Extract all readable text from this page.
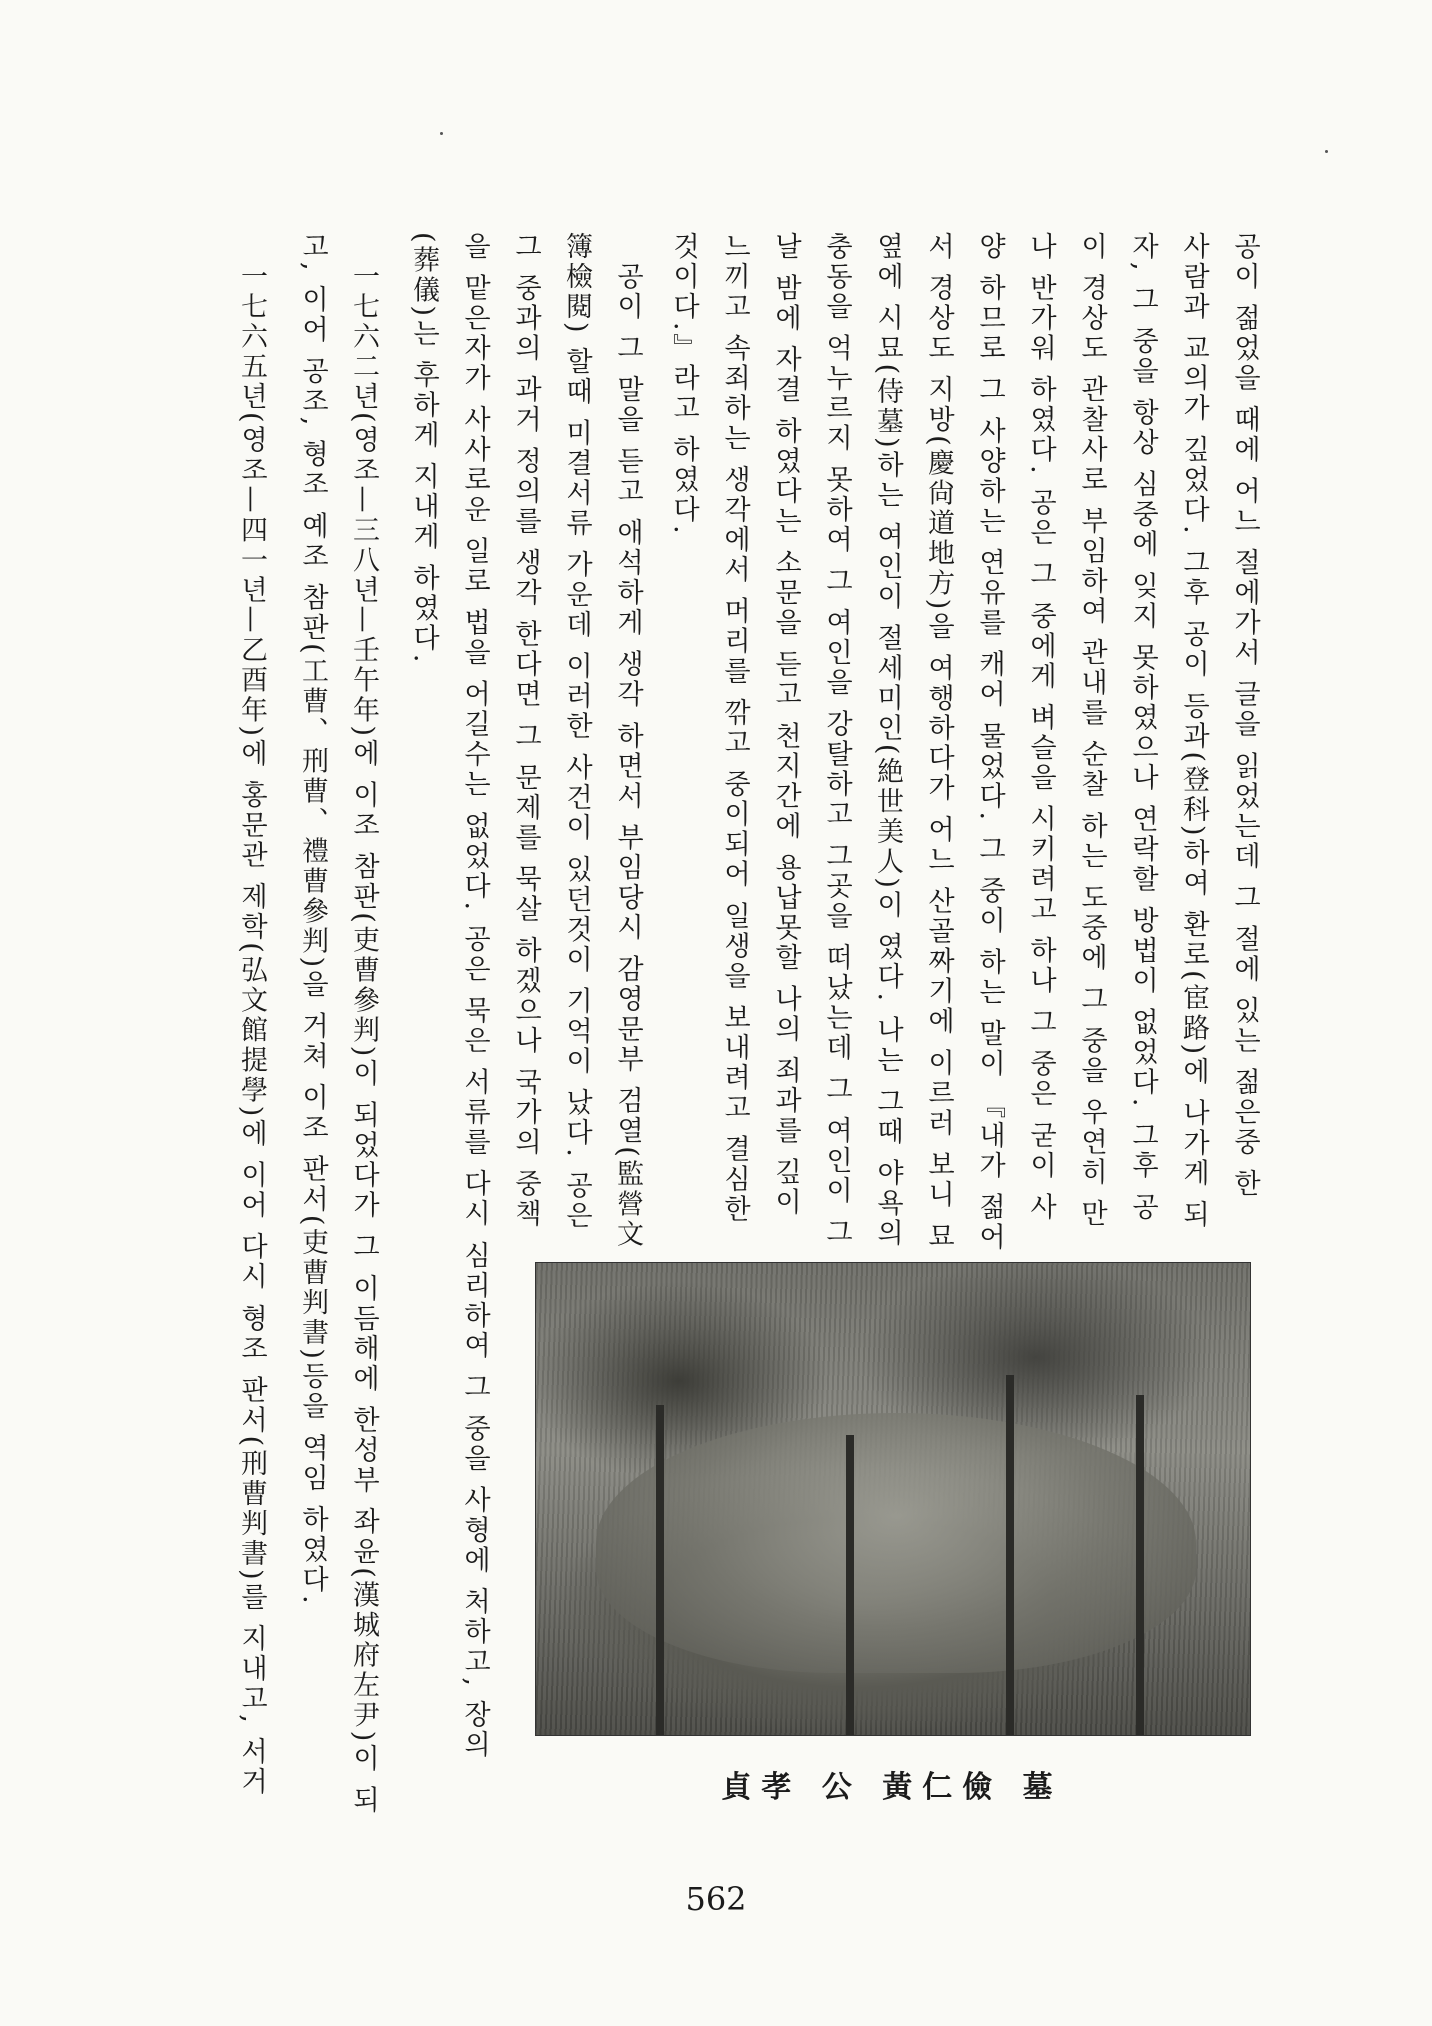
공이 젊었을 때에 어느 절에가서 글을 읽었는데 그 절에 있는 젊은중 한
사람과 교의가 깊었다. 그후 공이 등과(登科)하여 환로(宦路)에 나가게 되
자, 그 중을 항상 심중에 잊지 못하였으나 연락할 방법이 없었다. 그후 공
이 경상도 관찰사로 부임하여 관내를 순찰 하는 도중에 그 중을 우연히 만
나 반가워 하였다. 공은 그 중에게 벼슬을 시키려고 하나 그 중은 굳이 사
양 하므로 그 사양하는 연유를 캐어 물었다. 그 중이 하는 말이 『내가 젊어
서 경상도 지방(慶尙道地方)을 여행하다가 어느 산골짜기에 이르러 보니 묘
옆에 시묘(侍墓)하는 여인이 절세미인(絶世美人)이 였다. 나는 그때 야욕의
충동을 억누르지 못하여 그 여인을 강탈하고 그곳을 떠났는데 그 여인이 그
날 밤에 자결 하였다는 소문을 듣고 천지간에 용납못할 나의 죄과를 깊이
느끼고 속죄하는 생각에서 머리를 깎고 중이되어 일생을 보내려고 결심한
것이다.』라고 하였다.
공이 그 말을 듣고 애석하게 생각 하면서 부임당시 감영문부 검열(監營文
簿檢閱) 할때 미결서류 가운데 이러한 사건이 있던것이 기억이 났다. 공은
그 중과의 과거 정의를 생각 한다면 그 문제를 묵살 하겠으나 국가의 중책
을 맡은자가 사사로운 일로 법을 어길수는 없었다. 공은 묵은 서류를 다시 심리하여 그 중을 사형에 처하고, 장의
(葬儀)는 후하게 지내게 하였다.
一七六二년(영조—三八년—壬午年)에 이조 참판(吏曹參判)이 되었다가 그 이듬해에 한성부 좌윤(漢城府左尹)이 되
고, 이어 공조, 형조 예조 참판(工曹、刑曹、禮曹參判)을 거쳐 이조 판서(吏曹判書)등을 역임 하였다.
一七六五년(영조—四一년—乙酉年)에 홍문관 제학(弘文館提學)에 이어 다시 형조 판서(刑曹判書)를 지내고, 서거	貞孝 公 黃仁儉 墓
562
